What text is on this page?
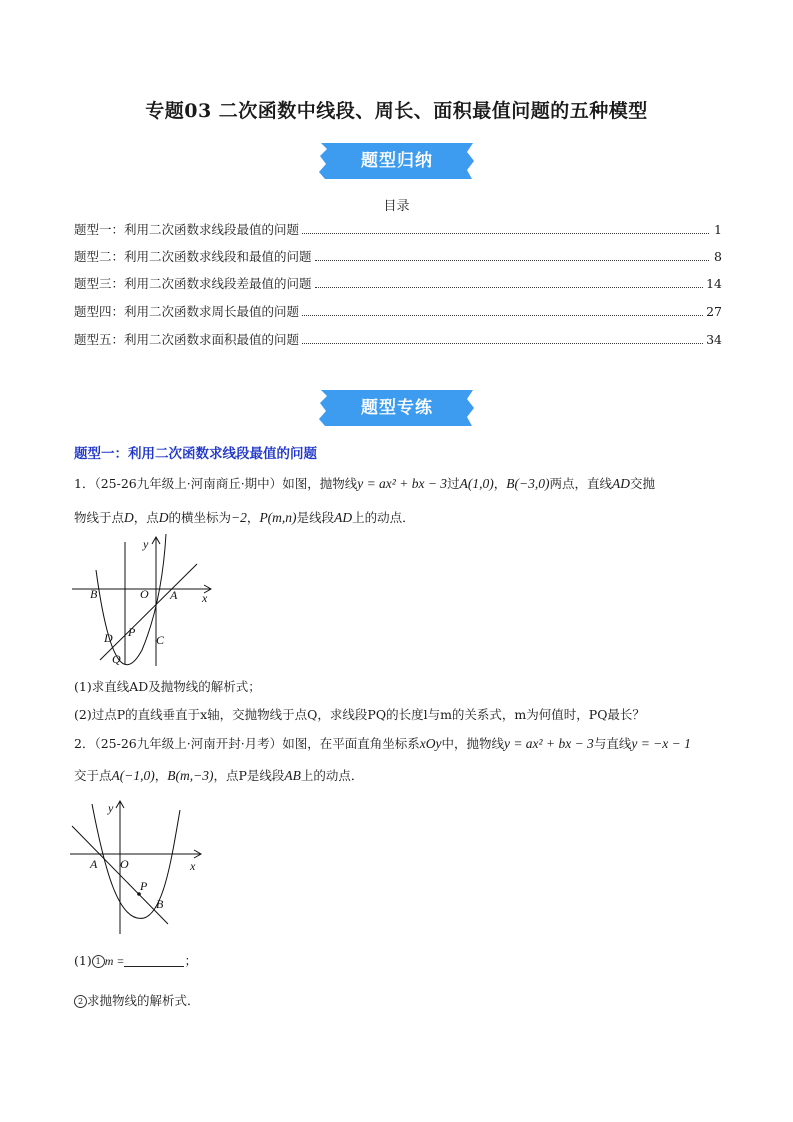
专题03 二次函数中线段、周长、面积最值问题的五种模型
题型归纳
目录
题型一：利用二次函数求线段最值的问题	1
题型二：利用二次函数求线段和最值的问题	8
题型三：利用二次函数求线段差最值的问题	14
题型四：利用二次函数求周长最值的问题	27
题型五：利用二次函数求面积最值的问题	34
题型专练
题型一：利用二次函数求线段最值的问题
1．（25-26九年级上·河南商丘·期中）如图，抛物线y = ax² + bx − 3过A(1,0)，B(−3,0)两点，直线AD交抛
物线于点D，点D的横坐标为−2，P(m,n)是线段AD上的动点．
B	O A x
y
D P
C
Q
(1)求直线AD及抛物线的解析式；
(2)过点P的直线垂直于x轴，交抛物线于点Q，求线段PQ的长度l与m的关系式，m为何值时，PQ最长？
2．（25-26九年级上·河南开封·月考）如图，在平面直角坐标系xOy中，抛物线y = ax² + bx − 3与直线y = −x − 1
交于点A(−1,0)，B(m,−3)，点P是线段AB上的动点．
y
x
A O
P
B
(1) 1 m =	；
2 求抛物线的解析式．
